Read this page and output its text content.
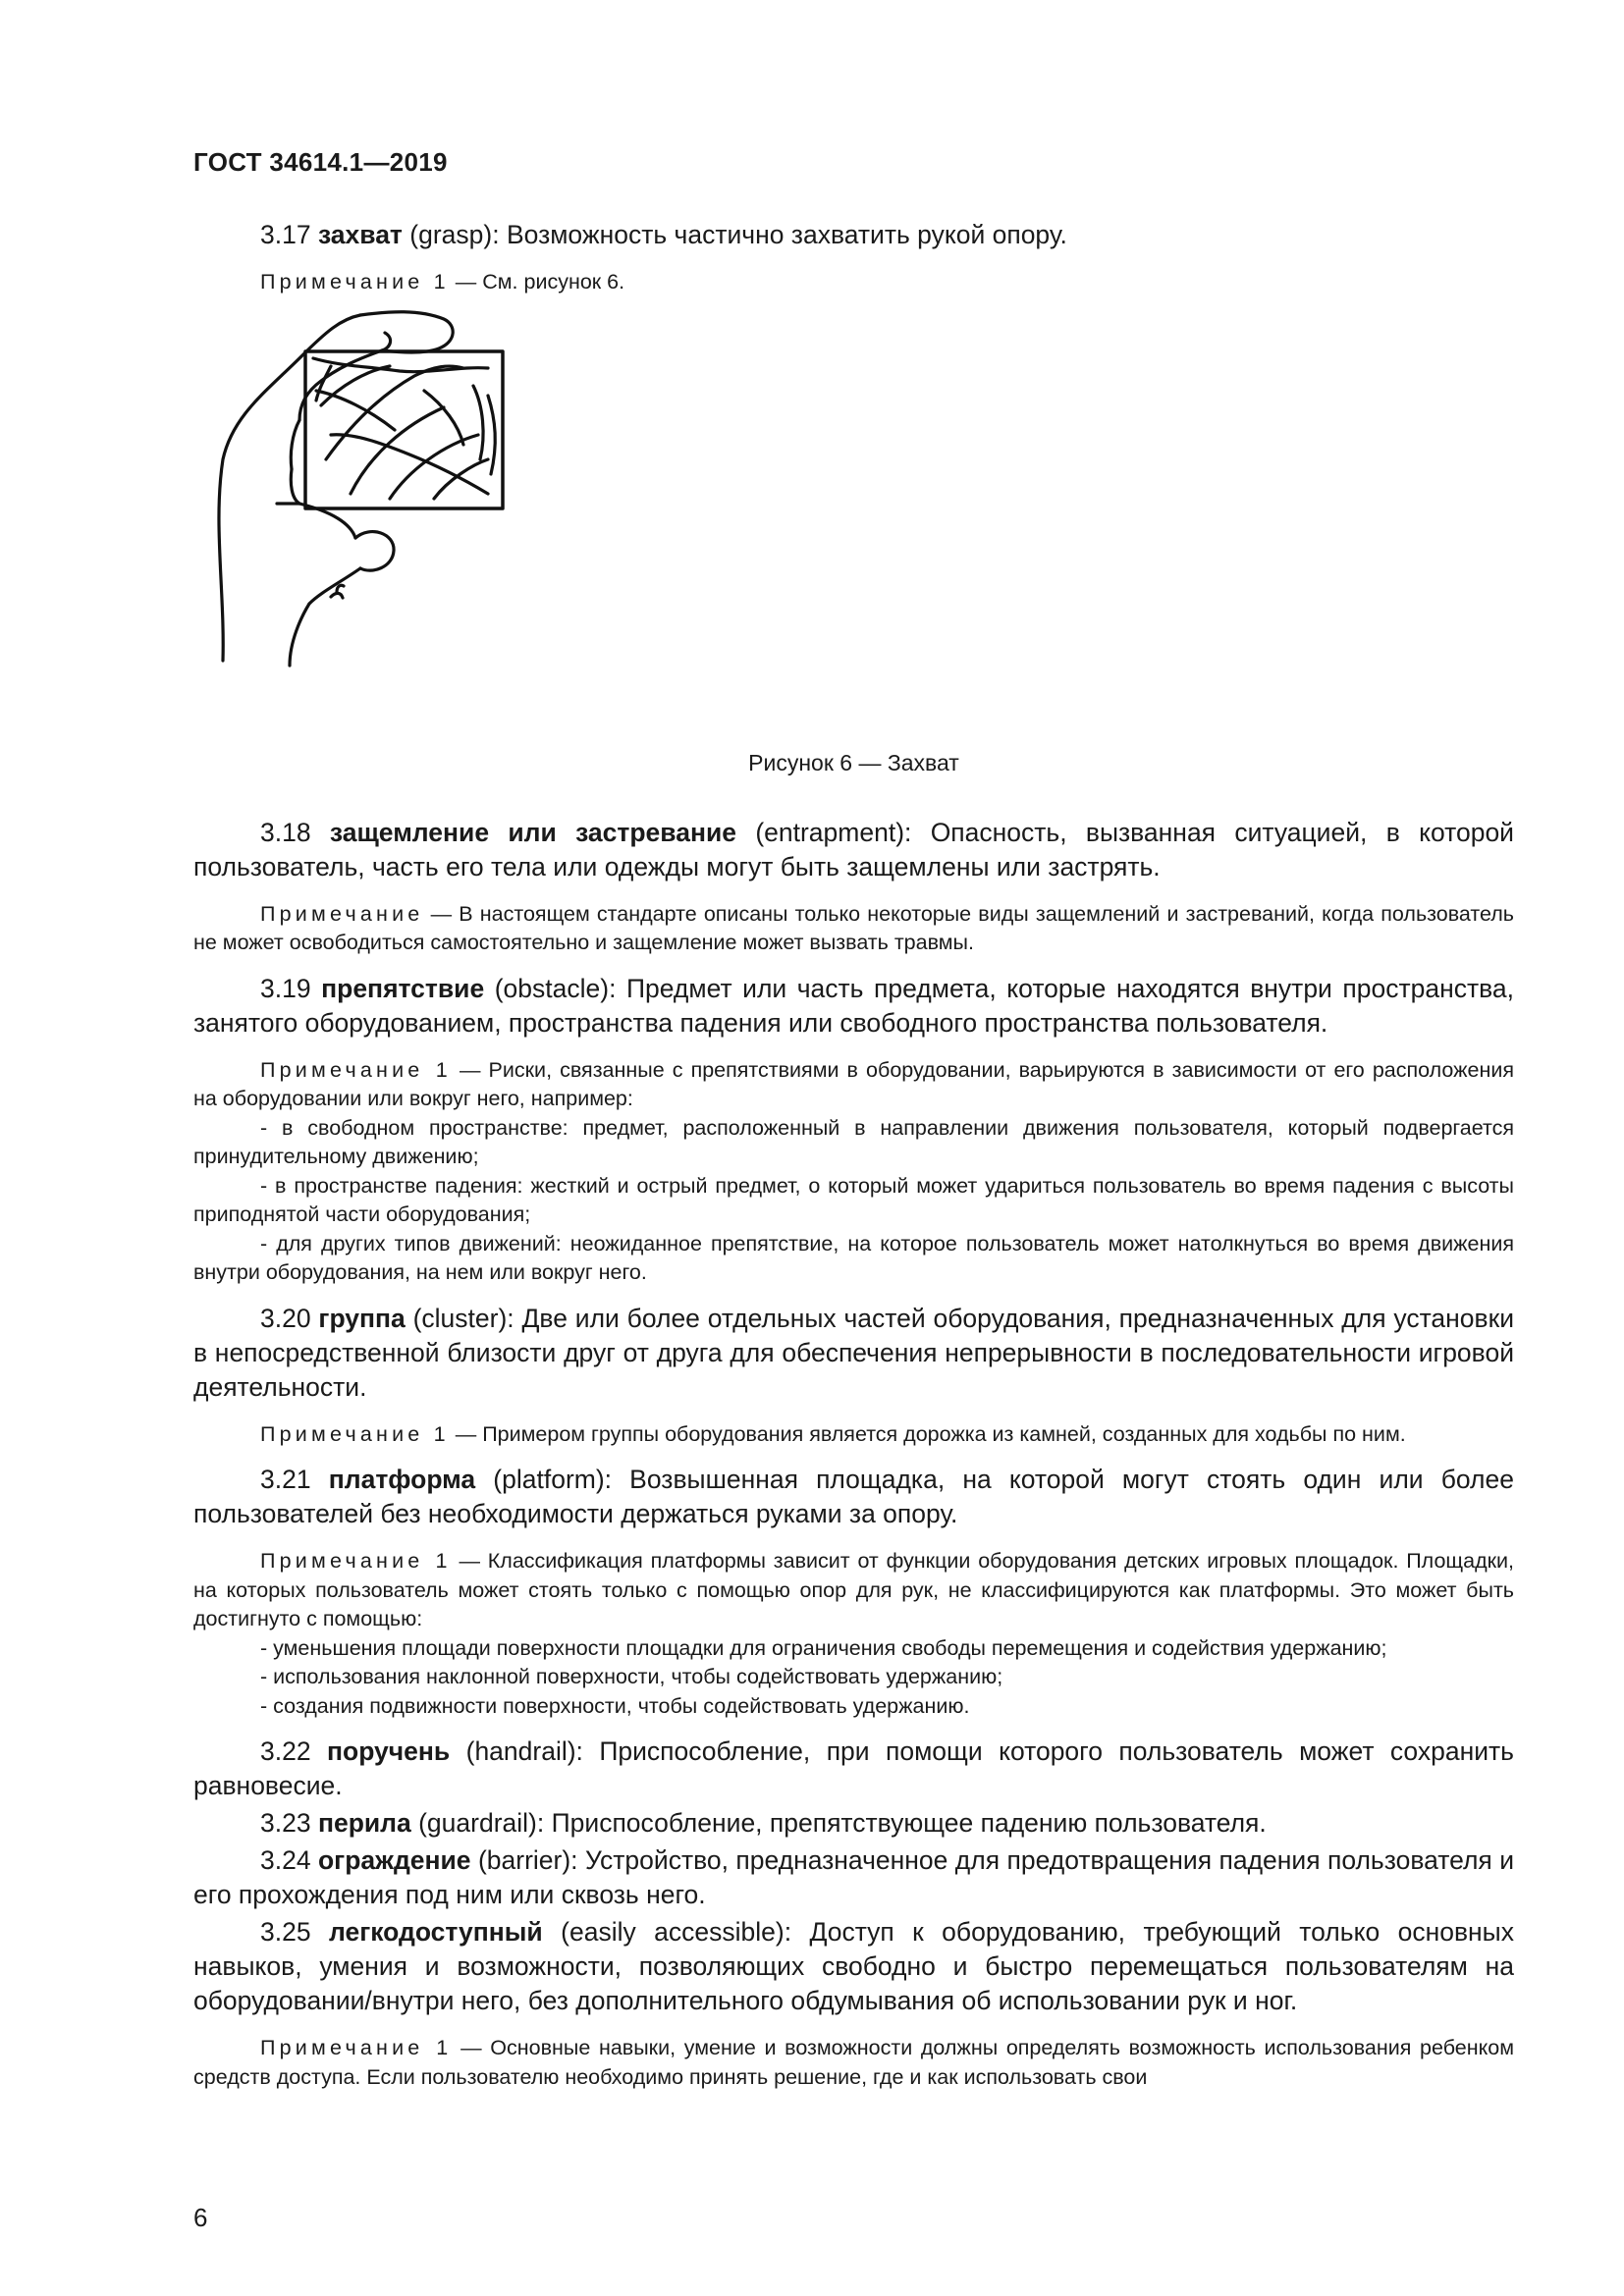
ГОСТ 34614.1—2019

3.17 захват (grasp): Возможность частично захватить рукой опору.

Примечание 1 — См. рисунок 6.

Рисунок 6 — Захват

3.18 защемление или застревание (entrapment): Опасность, вызванная ситуацией, в которой пользователь, часть его тела или одежды могут быть защемлены или застрять.

Примечание — В настоящем стандарте описаны только некоторые виды защемлений и застреваний, когда пользователь не может освободиться самостоятельно и защемление может вызвать травмы.

3.19 препятствие (obstacle): Предмет или часть предмета, которые находятся внутри пространства, занятого оборудованием, пространства падения или свободного пространства пользователя.

Примечание 1 — Риски, связанные с препятствиями в оборудовании, варьируются в зависимости от его расположения на оборудовании или вокруг него, например:
- в свободном пространстве: предмет, расположенный в направлении движения пользователя, который подвергается принудительному движению;
- в пространстве падения: жесткий и острый предмет, о который может удариться пользователь во время падения с высоты приподнятой части оборудования;
- для других типов движений: неожиданное препятствие, на которое пользователь может натолкнуться во время движения внутри оборудования, на нем или вокруг него.

3.20 группа (cluster): Две или более отдельных частей оборудования, предназначенных для установки в непосредственной близости друг от друга для обеспечения непрерывности в последовательности игровой деятельности.

Примечание 1 — Примером группы оборудования является дорожка из камней, созданных для ходьбы по ним.

3.21 платформа (platform): Возвышенная площадка, на которой могут стоять один или более пользователей без необходимости держаться руками за опору.

Примечание 1 — Классификация платформы зависит от функции оборудования детских игровых площадок. Площадки, на которых пользователь может стоять только с помощью опор для рук, не классифицируются как платформы. Это может быть достигнуто с помощью:
- уменьшения площади поверхности площадки для ограничения свободы перемещения и содействия удержанию;
- использования наклонной поверхности, чтобы содействовать удержанию;
- создания подвижности поверхности, чтобы содействовать удержанию.

3.22 поручень (handrail): Приспособление, при помощи которого пользователь может сохранить равновесие.

3.23 перила (guardrail): Приспособление, препятствующее падению пользователя.

3.24 ограждение (barrier): Устройство, предназначенное для предотвращения падения пользователя и его прохождения под ним или сквозь него.

3.25 легкодоступный (easily accessible): Доступ к оборудованию, требующий только основных навыков, умения и возможности, позволяющих свободно и быстро перемещаться пользователям на оборудовании/внутри него, без дополнительного обдумывания об использовании рук и ног.

Примечание 1 — Основные навыки, умение и возможности должны определять возможность использования ребенком средств доступа. Если пользователю необходимо принять решение, где и как использовать свои

6
